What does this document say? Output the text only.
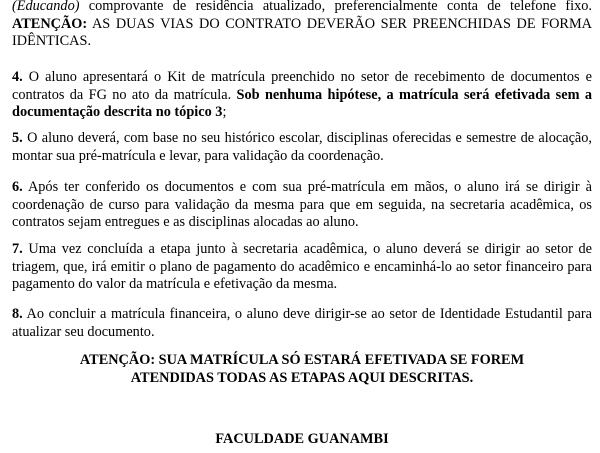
(Educando) comprovante de residência atualizado, preferencialmente conta de telefone fixo. ATENÇÃO: AS DUAS VIAS DO CONTRATO DEVERÃO SER PREENCHIDAS DE FORMA IDÊNTICAS.

4. O aluno apresentará o Kit de matrícula preenchido no setor de recebimento de documentos e contratos da FG no ato da matrícula. Sob nenhuma hipótese, a matrícula será efetivada sem a documentação descrita no tópico 3;

5. O aluno deverá, com base no seu histórico escolar, disciplinas oferecidas e semestre de alocação, montar sua pré-matrícula e levar, para validação da coordenação.

6. Após ter conferido os documentos e com sua pré-matrícula em mãos, o aluno irá se dirigir à coordenação de curso para validação da mesma para que em seguida, na secretaria acadêmica, os contratos sejam entregues e as disciplinas alocadas ao aluno.

7. Uma vez concluída a etapa junto à secretaria acadêmica, o aluno deverá se dirigir ao setor de triagem, que, irá emitir o plano de pagamento do acadêmico e encaminhá-lo ao setor financeiro para pagamento do valor da matrícula e efetivação da mesma.

8. Ao concluir a matrícula financeira, o aluno deve dirigir-se ao setor de Identidade Estudantil para atualizar seu documento.

ATENÇÃO: SUA MATRÍCULA SÓ ESTARÁ EFETIVADA SE FOREM
ATENDIDAS TODAS AS ETAPAS AQUI DESCRITAS.
FACULDADE GUANAMBI
